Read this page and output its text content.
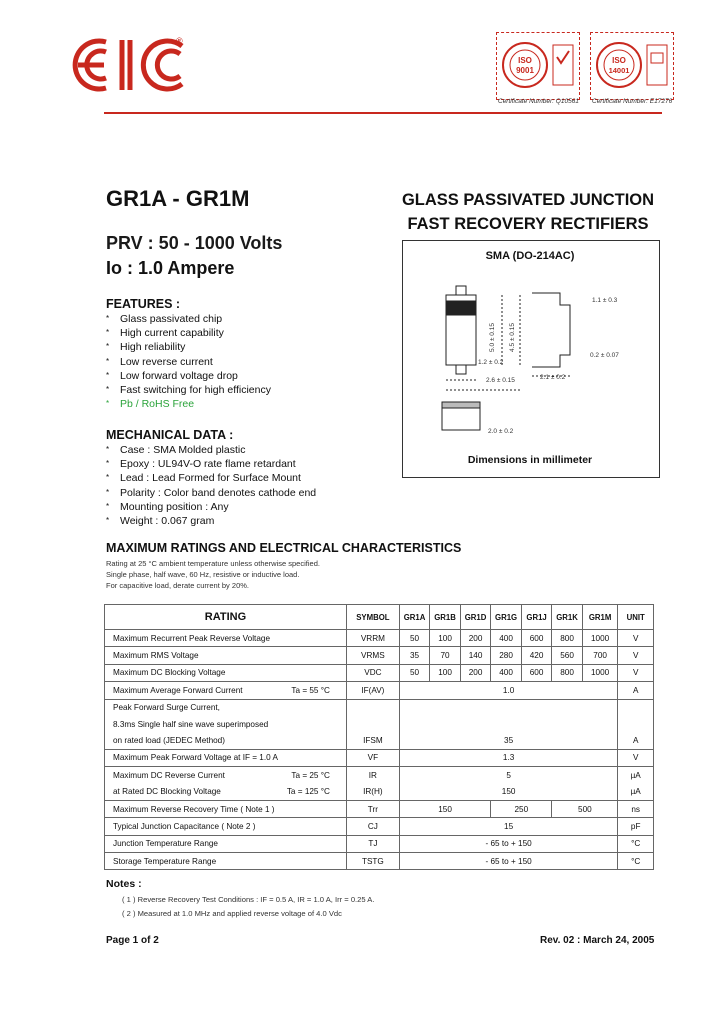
®
ISO
9001
ISO
14001
Certificate Number: Q10561 Certificate Number: E17276
GR1A - GR1M
PRV : 50 - 1000 Volts
Io : 1.0 Ampere
GLASS PASSIVATED JUNCTION
FAST RECOVERY RECTIFIERS
FEATURES :
* Glass passivated chip
* High current capability
* High reliability
* Low reverse current
* Low forward voltage drop
* Fast switching for high efficiency
* Pb / RoHS Free
MECHANICAL DATA :
* Case : SMA Molded plastic
* Epoxy : UL94V-O rate flame retardant
* Lead : Lead Formed for Surface Mount
* Polarity : Color band denotes cathode end
* Mounting position : Any
* Weight : 0.067 gram
SMA (DO-214AC)
1.1 ± 0.3
5.0 ± 0.15 4.5 ± 0.15
1.2 ± 0.2
0.2 ± 0.07
2.6 ± 0.15	2.1 ± 0.2
2.0 ± 0.2
Dimensions in millimeter
MAXIMUM RATINGS AND ELECTRICAL CHARACTERISTICS
Rating at 25 °C ambient temperature unless otherwise specified.
Single phase, half wave, 60 Hz, resistive or inductive load.
For capacitive load, derate current by 20%.
RATING	SYMBOL	GR1A	GR1B	GR1D	GR1G	GR1J	GR1K	GR1M	UNIT
Maximum Recurrent Peak Reverse Voltage	VRRM	50	100	200	400	600	800	1000	V
Maximum RMS Voltage	VRMS	35	70	140	280	420	560	700	V
Maximum DC Blocking Voltage	VDC	50	100	200	400	600	800	1000	V

Maximum Average Forward Current Ta = 55 °C	IF(AV)	1.0							A
Peak Forward Surge Current,									
8.3ms Single half sine wave superimposed									
on rated load (JEDEC Method)	IFSM	35							A
Maximum Peak Forward Voltage at IF = 1.0 A	VF	1.3							V

Maximum DC Reverse Current Ta = 25 °C	IR	5							µA

at Rated DC Blocking Voltage Ta = 125 °C	IR(H)	150							µA
Maximum Reverse Recovery Time ( Note 1 )	Trr	150			250		500		ns
Typical Junction Capacitance ( Note 2 )	CJ	15							pF
Junction Temperature Range	TJ	- 65 to + 150							°C
Storage Temperature Range	TSTG	- 65 to + 150							°C
Notes :
( 1 ) Reverse Recovery Test Conditions : IF = 0.5 A, IR = 1.0 A, Irr = 0.25 A.
( 2 ) Measured at 1.0 MHz and applied reverse voltage of 4.0 Vdc
Page 1 of 2	Rev. 02 : March 24, 2005
